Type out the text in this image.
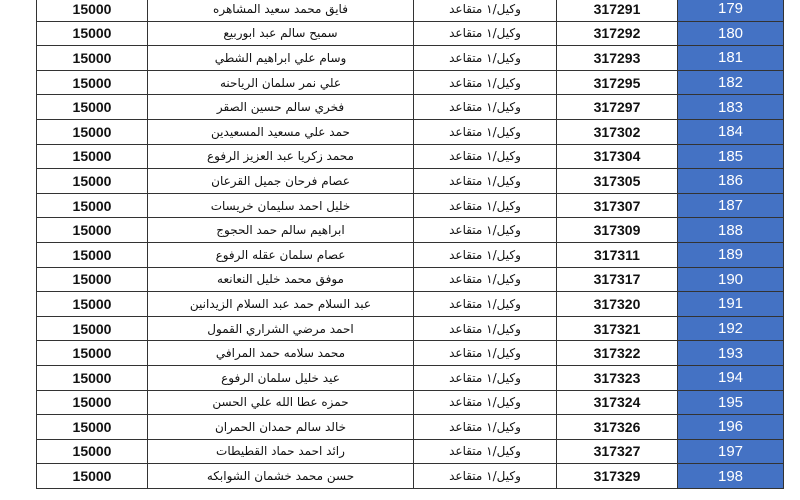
15000	فايق محمد سعيد المشاهره	وكيل/١ متقاعد	317291	179
15000	سميح سالم عبد ابوربيع	وكيل/١ متقاعد	317292	180
15000	وسام علي ابراهيم الشطي	وكيل/١ متقاعد	317293	181
15000	علي نمر سلمان الرياحنه	وكيل/١ متقاعد	317295	182
15000	فخري سالم حسين الصقر	وكيل/١ متقاعد	317297	183
15000	حمد علي مسعيد المسعيدين	وكيل/١ متقاعد	317302	184
15000	محمد زكريا عبد العزيز الرفوع	وكيل/١ متقاعد	317304	185
15000	عصام فرحان جميل القرعان	وكيل/١ متقاعد	317305	186
15000	خليل احمد سليمان خريسات	وكيل/١ متقاعد	317307	187
15000	ابراهيم سالم حمد الحجوج	وكيل/١ متقاعد	317309	188
15000	عصام سلمان عقله الرفوع	وكيل/١ متقاعد	317311	189
15000	موفق محمد خليل النعانعه	وكيل/١ متقاعد	317317	190
15000	عبد السلام حمد عبد السلام الزيدانين	وكيل/١ متقاعد	317320	191
15000	احمد مرضي الشراري القمول	وكيل/١ متقاعد	317321	192
15000	محمد سلامه حمد المرافي	وكيل/١ متقاعد	317322	193
15000	عيد خليل سلمان الرفوع	وكيل/١ متقاعد	317323	194
15000	حمزه عطا الله علي الحسن	وكيل/١ متقاعد	317324	195
15000	خالد سالم حمدان الحمران	وكيل/١ متقاعد	317326	196
15000	رائد احمد حماد القطيطات	وكيل/١ متقاعد	317327	197
15000	حسن محمد خشمان الشوابكه	وكيل/١ متقاعد	317329	198
